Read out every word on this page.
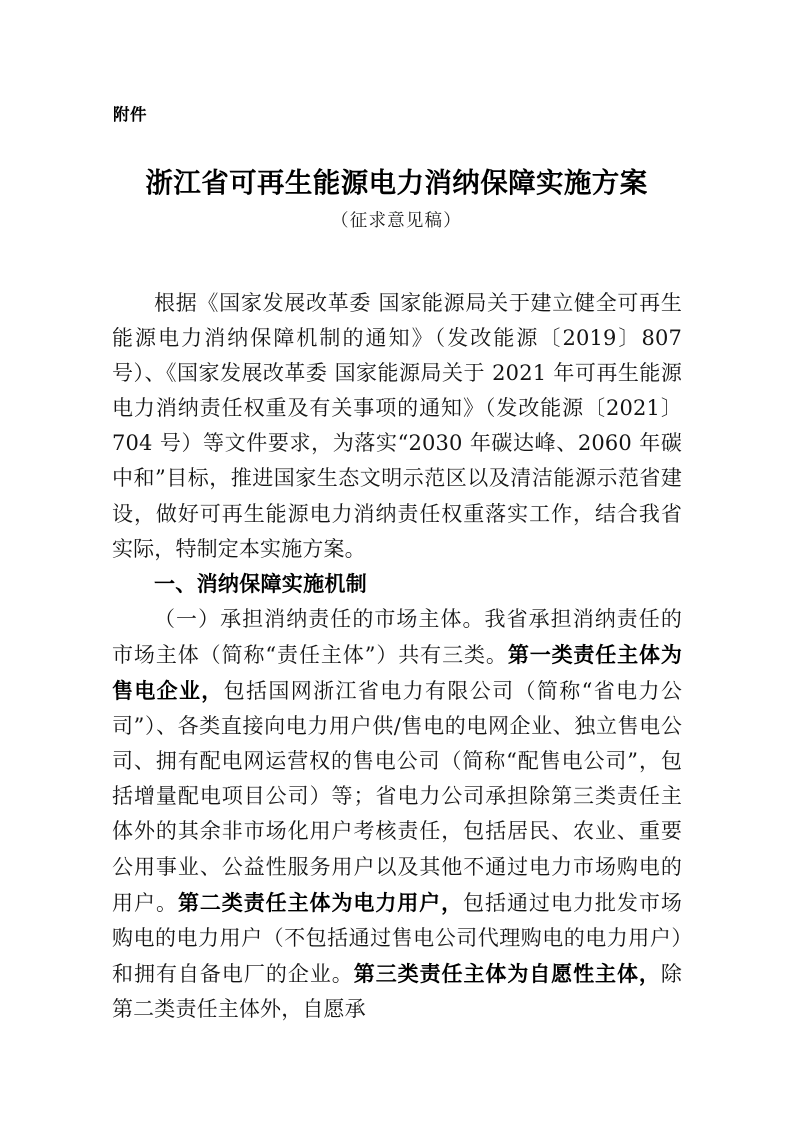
附件
浙江省可再生能源电力消纳保障实施方案
（征求意见稿）

根据《国家发展改革委 国家能源局关于建立健全可再生能源电力消纳保障机制的通知》（发改能源〔2019〕807 号）、《国家发展改革委 国家能源局关于 2021 年可再生能源电力消纳责任权重及有关事项的通知》（发改能源〔2021〕704 号）等文件要求，为落实“2030 年碳达峰、2060 年碳中和”目标，推进国家生态文明示范区以及清洁能源示范省建设，做好可再生能源电力消纳责任权重落实工作，结合我省实际，特制定本实施方案。

一、消纳保障实施机制

（一）承担消纳责任的市场主体。我省承担消纳责任的市场主体（简称“责任主体”）共有三类。第一类责任主体为售电企业，包括国网浙江省电力有限公司（简称“省电力公司”）、各类直接向电力用户供/售电的电网企业、独立售电公司、拥有配电网运营权的售电公司（简称“配售电公司”，包括增量配电项目公司）等；省电力公司承担除第三类责任主体外的其余非市场化用户考核责任，包括居民、农业、重要公用事业、公益性服务用户以及其他不通过电力市场购电的用户。第二类责任主体为电力用户，包括通过电力批发市场购电的电力用户（不包括通过售电公司代理购电的电力用户）和拥有自备电厂的企业。第三类责任主体为自愿性主体，除第二类责任主体外，自愿承
